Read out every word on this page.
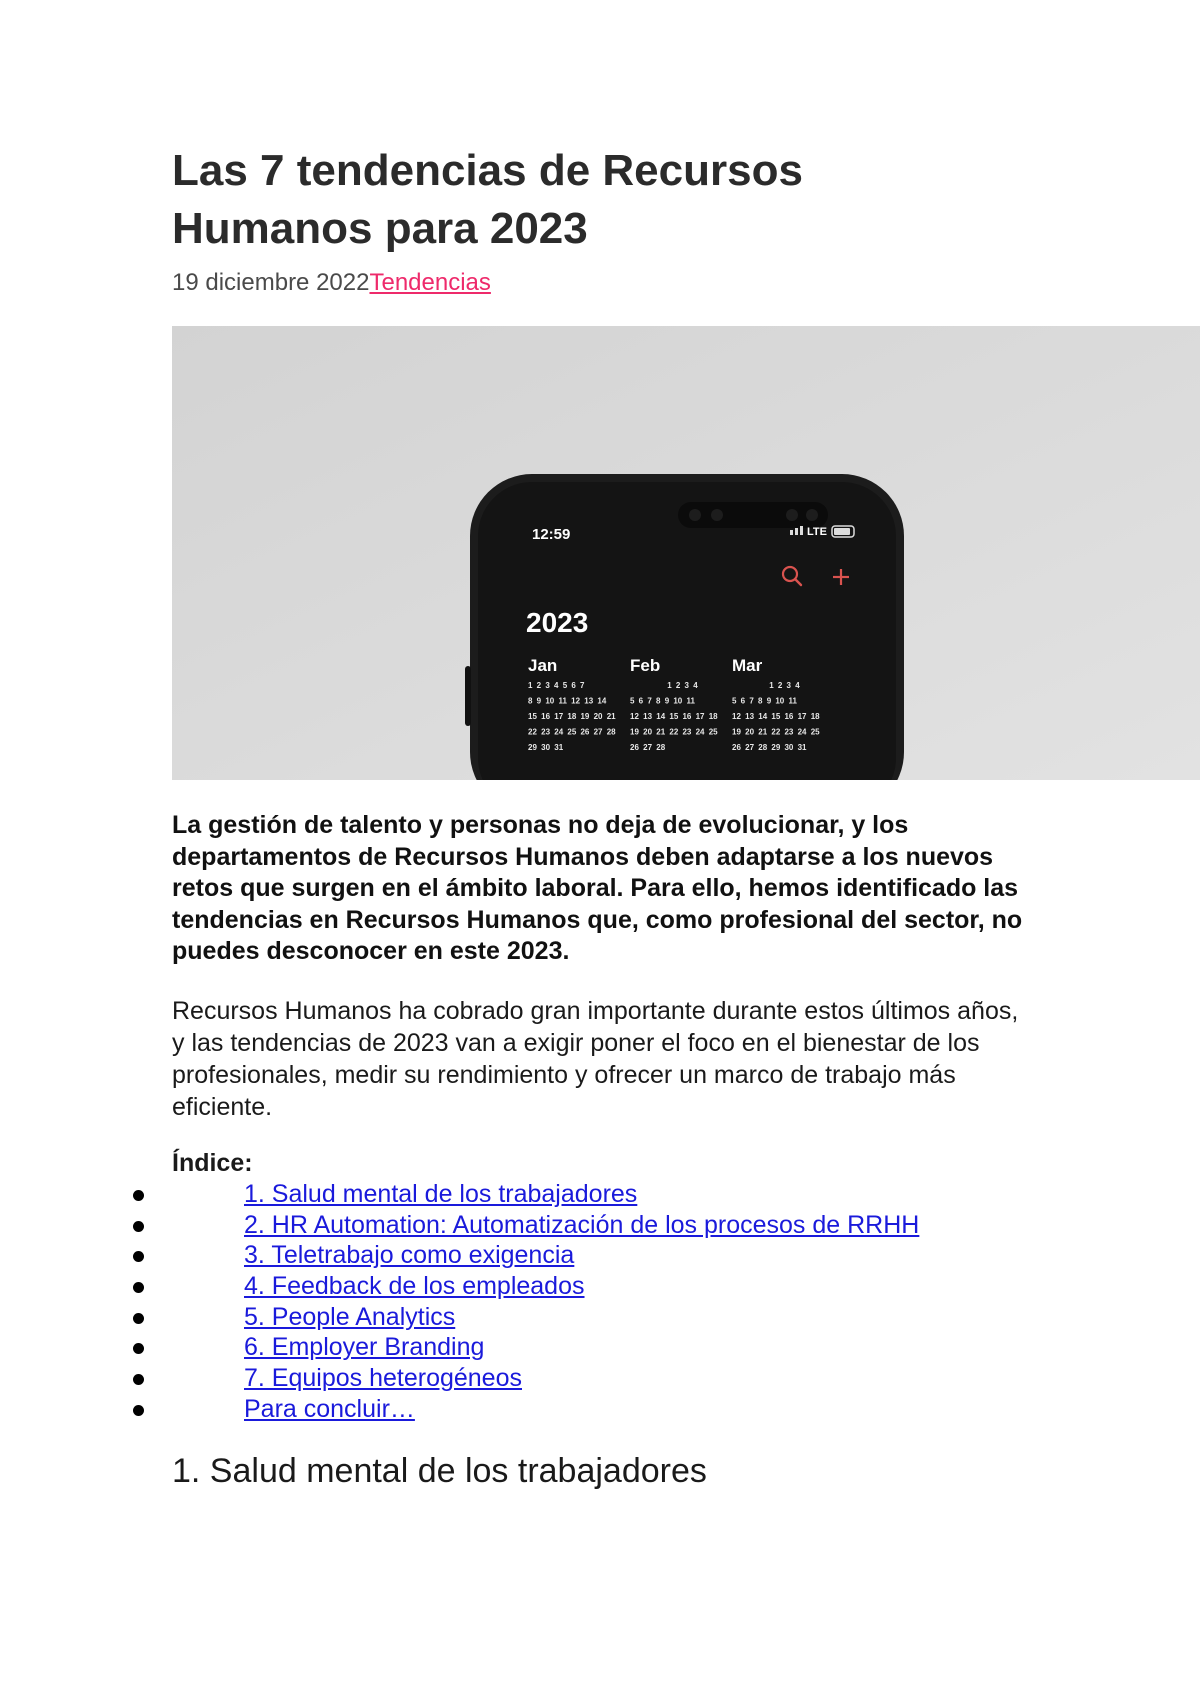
Las 7 tendencias de Recursos Humanos para 2023
19 diciembre 2022Tendencias
12:59	LTE
2023
Jan
1 2 3 4 5 6 7
8 9 10 11 12 13 14
15 16 17 18 19 20 21
22 23 24 25 26 27 28
29 30 31
Feb
1 2 3 4
5 6 7 8 9 10 11
12 13 14 15 16 17 18
19 20 21 22 23 24 25
26 27 28
Mar
1 2 3 4
5 6 7 8 9 10 11
12 13 14 15 16 17 18
19 20 21 22 23 24 25
26 27 28 29 30 31

La gestión de talento y personas no deja de evolucionar, y los departamentos de Recursos Humanos deben adaptarse a los nuevos retos que surgen en el ámbito laboral. Para ello, hemos identificado las tendencias en Recursos Humanos que, como profesional del sector, no puedes desconocer en este 2023.

Recursos Humanos ha cobrado gran importante durante estos últimos años, y las tendencias de 2023 van a exigir poner el foco en el bienestar de los profesionales, medir su rendimiento y ofrecer un marco de trabajo más eficiente.

Índice:

1. Salud mental de los trabajadores
2. HR Automation: Automatización de los procesos de RRHH
3. Teletrabajo como exigencia
4. Feedback de los empleados
5. People Analytics
6. Employer Branding
7. Equipos heterogéneos
Para concluir…
1. Salud mental de los trabajadores
